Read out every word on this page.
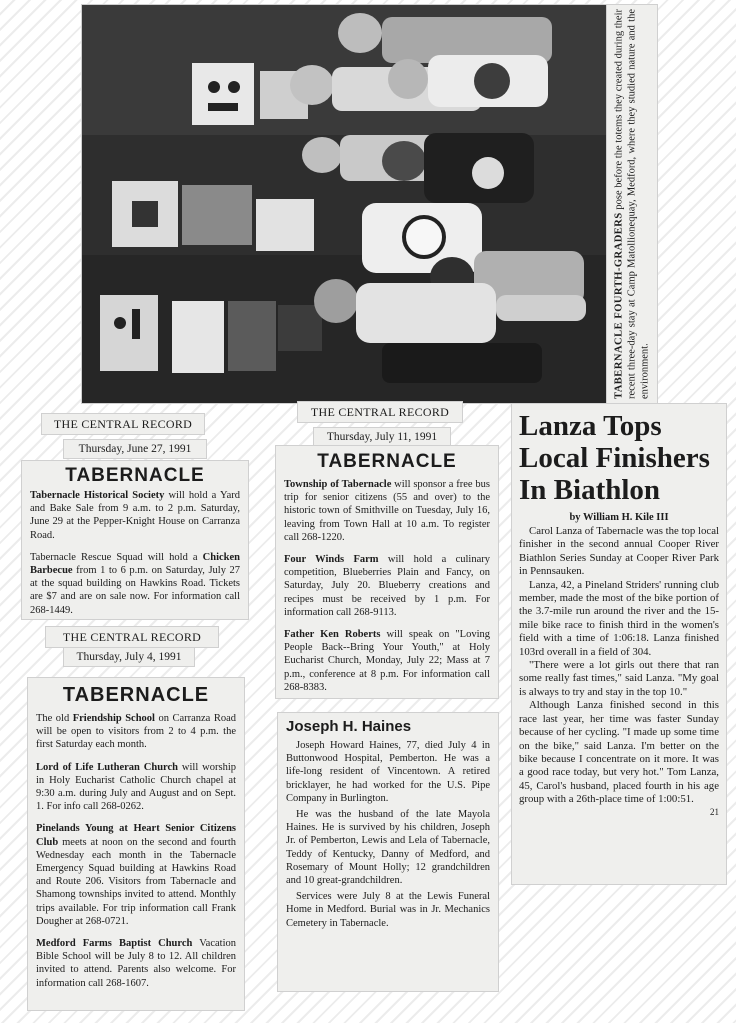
TABERNACLE FOURTH-GRADERS pose before the totems they created during their recent three-day stay at Camp Matollionequay, Medford, where they studied nature and the environment.
THE CENTRAL RECORD
Thursday, June 27, 1991
TABERNACLE

Tabernacle Historical Society will hold a Yard and Bake Sale from 9 a.m. to 2 p.m. Saturday, June 29 at the Pepper-Knight House on Carranza Road.

Tabernacle Rescue Squad will hold a Chicken Barbecue from 1 to 6 p.m. on Saturday, July 27 at the squad building on Hawkins Road. Tickets are $7 and are on sale now. For information call 268-1449.

THE CENTRAL RECORD
Thursday, July 4, 1991
TABERNACLE

The old Friendship School on Carranza Road will be open to visitors from 2 to 4 p.m. the first Saturday each month.

Lord of Life Lutheran Church will worship in Holy Eucharist Catholic Church chapel at 9:30 a.m. during July and August and on Sept. 1. For info call 268-0262.

Pinelands Young at Heart Senior Citizens Club meets at noon on the second and fourth Wednesday each month in the Tabernacle Emergency Squad building at Hawkins Road and Route 206. Visitors from Tabernacle and Shamong townships invited to attend. Monthly trips available. For trip information call Frank Dougher at 268-0721.

Medford Farms Baptist Church Vacation Bible School will be July 8 to 12. All children invited to attend. Parents also welcome. For information call 268-1607.

THE CENTRAL RECORD
Thursday, July 11, 1991
TABERNACLE

Township of Tabernacle will sponsor a free bus trip for senior citizens (55 and over) to the historic town of Smithville on Tuesday, July 16, leaving from Town Hall at 10 a.m. To register call 268-1220.

Four Winds Farm will hold a culinary competition, Blueberries Plain and Fancy, on Saturday, July 20. Blueberry creations and recipes must be received by 1 p.m. For information call 268-9113.

Father Ken Roberts will speak on "Loving People Back--Bring Your Youth," at Holy Eucharist Church, Monday, July 22; Mass at 7 p.m., conference at 8 p.m. For information call 268-8383.

Joseph H. Haines

Joseph Howard Haines, 77, died July 4 in Buttonwood Hospital, Pemberton. He was a life-long resident of Vincentown. A retired bricklayer, he had worked for the U.S. Pipe Company in Burlington.

He was the husband of the late Mayola Haines. He is survived by his children, Joseph Jr. of Pemberton, Lewis and Lela of Tabernacle, Teddy of Kentucky, Danny of Medford, and Rosemary of Mount Holly; 12 grandchildren and 10 great-grandchildren.

Services were July 8 at the Lewis Funeral Home in Medford. Burial was in Jr. Mechanics Cemetery in Tabernacle.

Lanza Tops Local Finishers In Biathlon
by William H. Kile III

Carol Lanza of Tabernacle was the top local finisher in the second annual Cooper River Biathlon Series Sunday at Cooper River Park in Pennsauken.

Lanza, 42, a Pineland Striders' running club member, made the most of the bike portion of the 3.7-mile run around the river and the 15-mile bike race to finish third in the women's field with a time of 1:06:18. Lanza finished 103rd overall in a field of 304.

"There were a lot girls out there that ran some really fast times," said Lanza. "My goal is always to try and stay in the top 10."

Although Lanza finished second in this race last year, her time was faster Sunday because of her cycling. "I made up some time on the bike," said Lanza. I'm better on the bike because I concentrate on it more. It was a good race today, but very hot." Tom Lanza, 45, Carol's husband, placed fourth in his age group with a 26th-place time of 1:00:51.

21
